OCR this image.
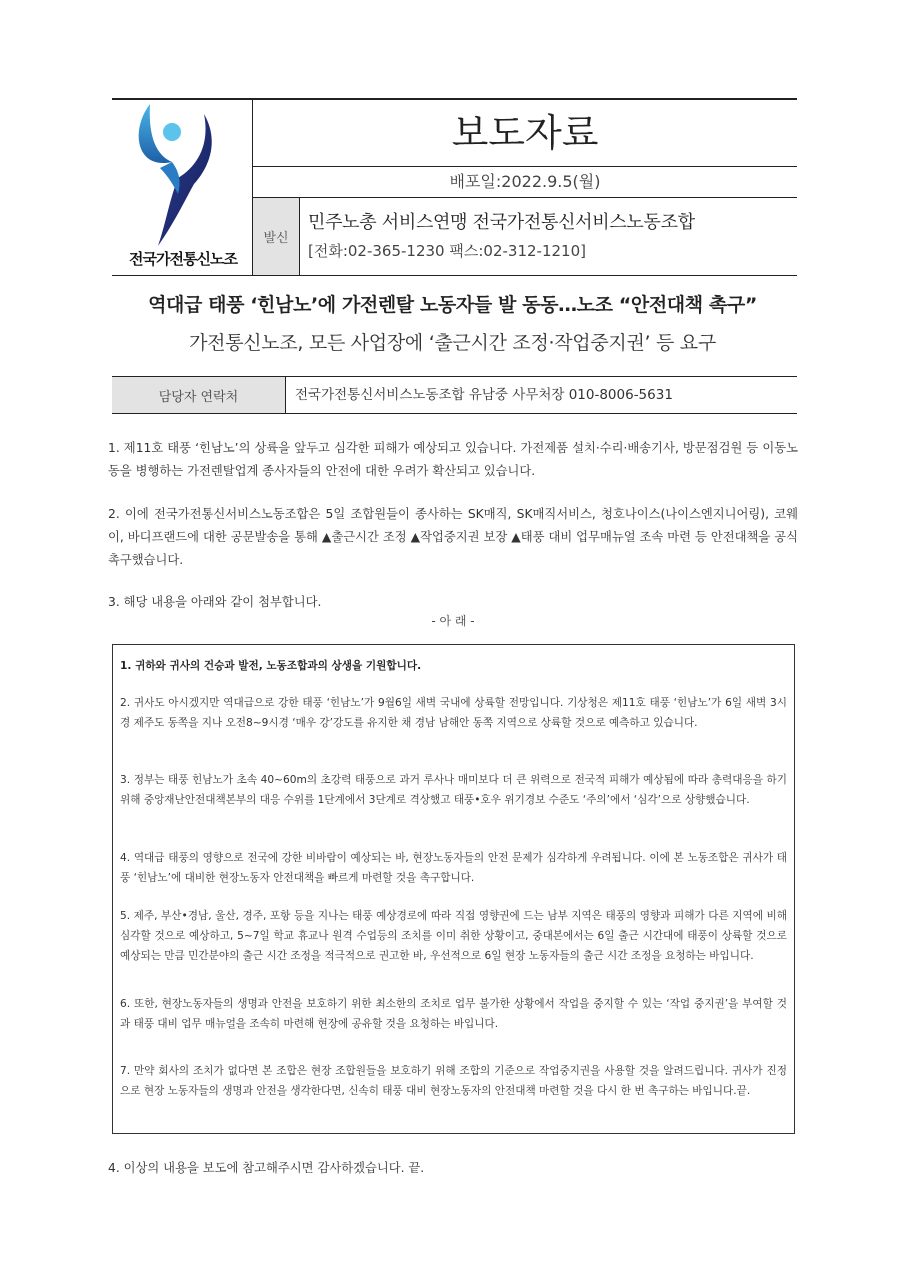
전국가전통신노조
보도자료
배포일:2022.9.5(월)
발신
민주노총 서비스연맹 전국가전통신서비스노동조합
[전화:02-365-1230 팩스:02-312-1210]
역대급 태풍 ‘힌남노’에 가전렌탈 노동자들 발 동동…노조 “안전대책 촉구”
가전통신노조, 모든 사업장에 ‘출근시간 조정·작업중지권’ 등 요구
담당자 연락처	전국가전통신서비스노동조합 유남중 사무처장 010-8006-5631
1. 제11호 태풍 ‘힌남노’의 상륙을 앞두고 심각한 피해가 예상되고 있습니다. 가전제품 설치·수리·배송기사, 방문점검원 등 이동노동을 병행하는 가전렌탈업계 종사자들의 안전에 대한 우려가 확산되고 있습니다.
2. 이에 전국가전통신서비스노동조합은 5일 조합원들이 종사하는 SK매직, SK매직서비스, 청호나이스(나이스엔지니어링), 코웨이, 바디프랜드에 대한 공문발송을 통해 ▲출근시간 조정 ▲작업중지권 보장 ▲태풍 대비 업무매뉴얼 조속 마련 등 안전대책을 공식 촉구했습니다.
3. 해당 내용을 아래와 같이 첨부합니다.
- 아 래 -
1. 귀하와 귀사의 건승과 발전, 노동조합과의 상생을 기원합니다.
2. 귀사도 아시겠지만 역대급으로 강한 태풍 ‘힌남노’가 9월6일 새벽 국내에 상륙할 전망입니다. 기상청은 제11호 태풍 ‘힌남노’가 6일 새벽 3시경 제주도 동쪽을 지나 오전8~9시경 ‘매우 강’강도를 유지한 채 경남 남해안 동쪽 지역으로 상륙할 것으로 예측하고 있습니다.
3. 정부는 태풍 힌남노가 초속 40~60m의 초강력 태풍으로 과거 루사나 매미보다 더 큰 위력으로 전국적 피해가 예상됨에 따라 총력대응을 하기 위해 중앙재난안전대책본부의 대응 수위를 1단계에서 3단계로 격상했고 태풍•호우 위기경보 수준도 ‘주의’에서 ‘심각’으로 상향했습니다.
4. 역대급 태풍의 영향으로 전국에 강한 비바람이 예상되는 바, 현장노동자들의 안전 문제가 심각하게 우려됩니다. 이에 본 노동조합은 귀사가 태풍 ‘힌남노’에 대비한 현장노동자 안전대책을 빠르게 마련할 것을 촉구합니다.
5. 제주, 부산•경남, 울산, 경주, 포항 등을 지나는 태풍 예상경로에 따라 직접 영향권에 드는 남부 지역은 태풍의 영향과 피해가 다른 지역에 비해 심각할 것으로 예상하고, 5~7일 학교 휴교나 원격 수업등의 조치를 이미 취한 상황이고, 중대본에서는 6일 출근 시간대에 태풍이 상륙할 것으로 예상되는 만큼 민간분야의 출근 시간 조정을 적극적으로 권고한 바, 우선적으로 6일 현장 노동자들의 출근 시간 조정을 요청하는 바입니다.
6. 또한, 현장노동자들의 생명과 안전을 보호하기 위한 최소한의 조치로 업무 불가한 상황에서 작업을 중지할 수 있는 ‘작업 중지권’을 부여할 것과 태풍 대비 업무 매뉴얼을 조속히 마련해 현장에 공유할 것을 요청하는 바입니다.
7. 만약 회사의 조치가 없다면 본 조합은 현장 조합원들을 보호하기 위해 조합의 기준으로 작업중지권을 사용할 것을 알려드립니다. 귀사가 진정으로 현장 노동자들의 생명과 안전을 생각한다면, 신속히 태풍 대비 현장노동자의 안전대책 마련할 것을 다시 한 번 촉구하는 바입니다.끝.
4. 이상의 내용을 보도에 참고해주시면 감사하겠습니다. 끝.
